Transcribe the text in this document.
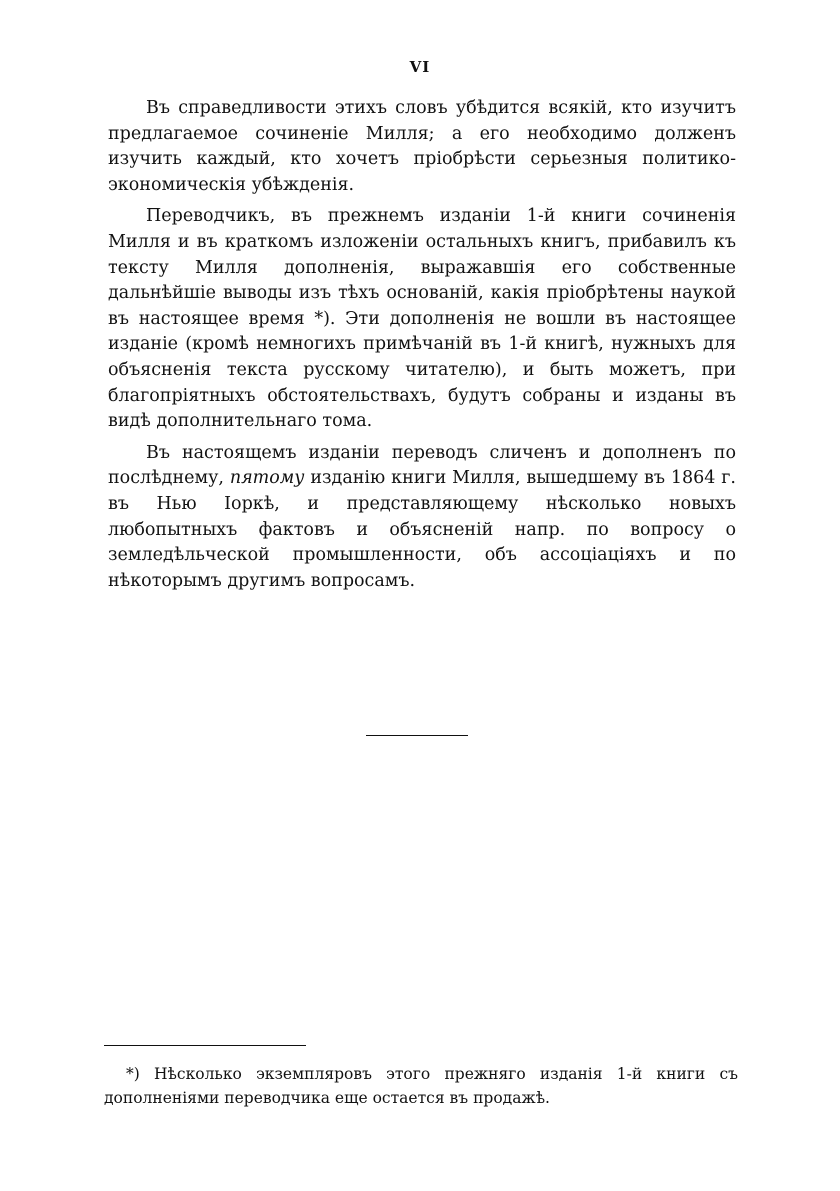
VI

Въ справедливости этихъ словъ убѣдится всякій, кто изучитъ предлагаемое сочиненіе Милля; а его необходимо долженъ изучить каждый, кто хочетъ пріобрѣсти серьезныя политико-экономическія убѣжденія.

Переводчикъ, въ прежнемъ изданіи 1-й книги сочиненія Милля и въ краткомъ изложеніи остальныхъ книгъ, прибавилъ къ тексту Милля дополненія, выражавшія его собственные дальнѣйшіе выводы изъ тѣхъ основаній, какія пріобрѣтены наукой въ настоящее время *). Эти дополненія не вошли въ настоящее изданіе (кромѣ немногихъ примѣчаній въ 1-й книгѣ, нужныхъ для объясненія текста русскому читателю), и быть можетъ, при благопріятныхъ обстоятельствахъ, будутъ собраны и изданы въ видѣ дополнительнаго тома.

Въ настоящемъ изданіи переводъ сличенъ и дополненъ по послѣднему, пятому изданію книги Милля, вышедшему въ 1864 г. въ Нью Іоркѣ, и представляющему нѣсколько новыхъ любопытныхъ фактовъ и объясненій напр. по вопросу о земледѣльческой промышленности, объ ассоціаціяхъ и по нѣкоторымъ другимъ вопросамъ.

*) Нѣсколько экземпляровъ этого прежняго изданія 1-й книги съ дополненіями переводчика еще остается въ продажѣ.
